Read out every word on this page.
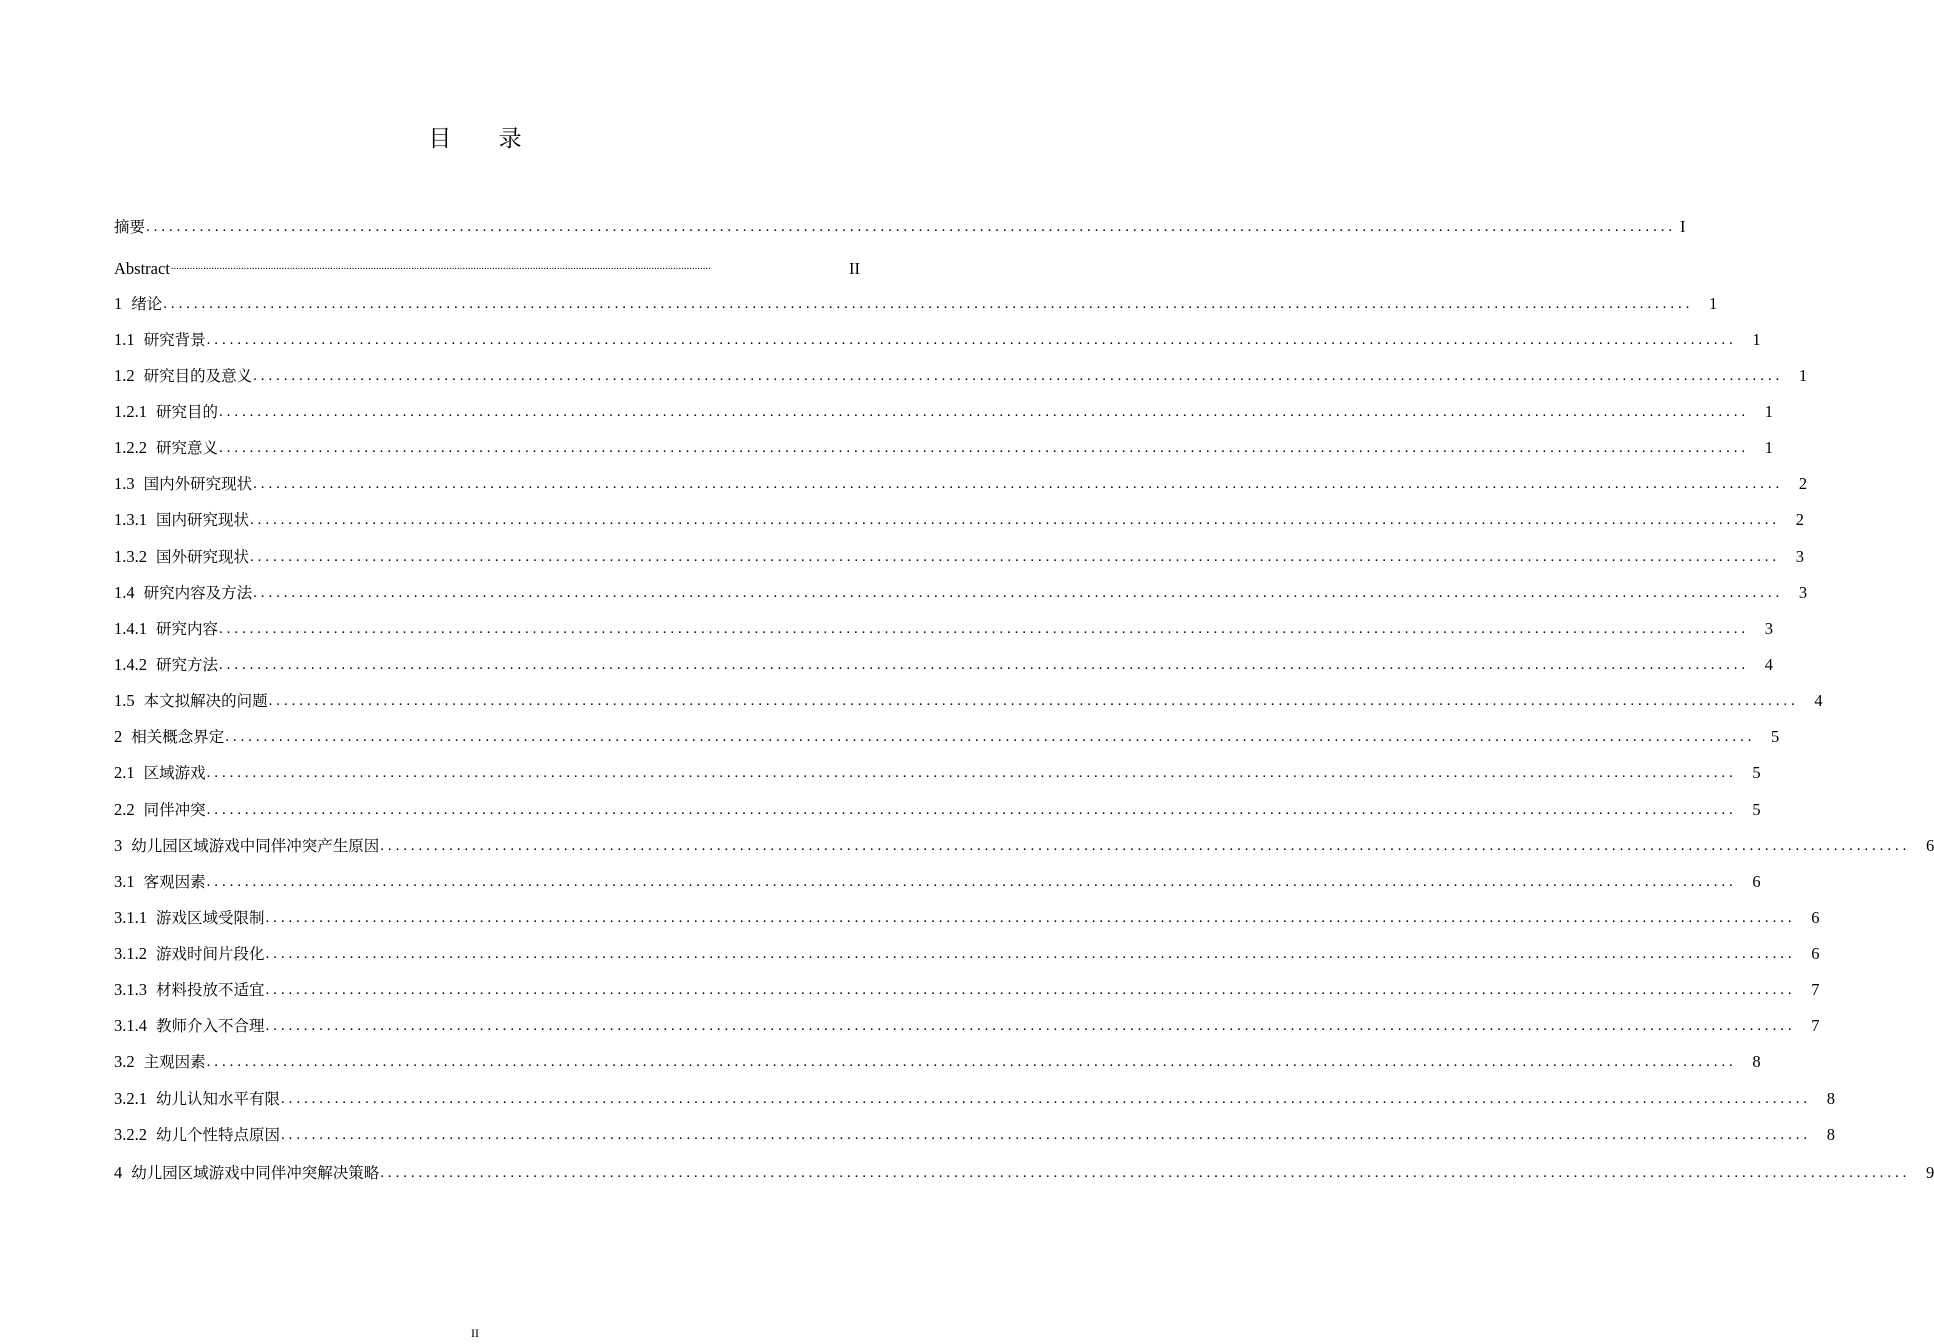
目 录
摘要 ........................................................................................................................................................................................................ I
Abstract ........................................................................................................................................................................................................	II
1 绪论 ........................................................................................................................................................................................................ 1
1.1 研究背景 ........................................................................................................................................................................................................ 1
1.2 研究目的及意义 ........................................................................................................................................................................................................ 1
1.2.1 研究目的 ........................................................................................................................................................................................................ 1
1.2.2 研究意义 ........................................................................................................................................................................................................ 1
1.3 国内外研究现状 ........................................................................................................................................................................................................ 2
1.3.1 国内研究现状 ........................................................................................................................................................................................................ 2
1.3.2 国外研究现状 ........................................................................................................................................................................................................ 3
1.4 研究内容及方法 ........................................................................................................................................................................................................ 3
1.4.1 研究内容 ........................................................................................................................................................................................................ 3
1.4.2 研究方法 ........................................................................................................................................................................................................ 4
1.5 本文拟解决的问题 ........................................................................................................................................................................................................ 4
2 相关概念界定 ........................................................................................................................................................................................................ 5
2.1 区域游戏 ........................................................................................................................................................................................................ 5
2.2 同伴冲突 ........................................................................................................................................................................................................ 5
3 幼儿园区域游戏中同伴冲突产生原因 ........................................................................................................................................................................................................ 6
3.1 客观因素 ........................................................................................................................................................................................................ 6
3.1.1 游戏区域受限制 ........................................................................................................................................................................................................ 6
3.1.2 游戏时间片段化 ........................................................................................................................................................................................................ 6
3.1.3 材料投放不适宜 ........................................................................................................................................................................................................ 7
3.1.4 教师介入不合理 ........................................................................................................................................................................................................ 7
3.2 主观因素 ........................................................................................................................................................................................................ 8
3.2.1 幼儿认知水平有限 ........................................................................................................................................................................................................ 8
3.2.2 幼儿个性特点原因 ........................................................................................................................................................................................................ 8
4 幼儿园区域游戏中同伴冲突解决策略 ........................................................................................................................................................................................................ 9
II
